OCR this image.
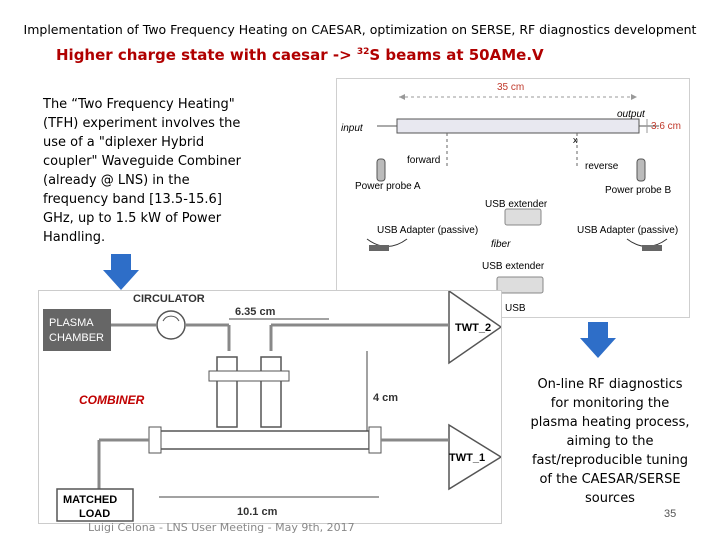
Implementation of Two Frequency Heating on CAESAR, optimization on SERSE, RF diagnostics development
Higher charge state with caesar -> $^{32}$S beams at 50AMe.V
The “Two Frequency Heating" (TFH) experiment involves the use of a "diplexer Hybrid coupler" Waveguide Combiner (already @ LNS) in the frequency band [13.5-15.6] GHz, up to 1.5 kW of Power Handling.
35 cm
input
output
3.6 cm
x
forward
reverse
Power probe A	Power probe B
USB extender
USB Adapter (passive)	USB Adapter (passive)
fiber
USB extender
USB
CIRCULATOR
PLASMA
CHAMBER
6.35 cm
TWT_2
COMBINER	4 cm
TWT_1
MATCHED
LOAD	10.1 cm
On-line RF diagnostics for monitoring the plasma heating process, aiming to the fast/reproducible tuning of the CAESAR/SERSE sources
35
Luigi Celona - LNS User Meeting - May 9th, 2017
